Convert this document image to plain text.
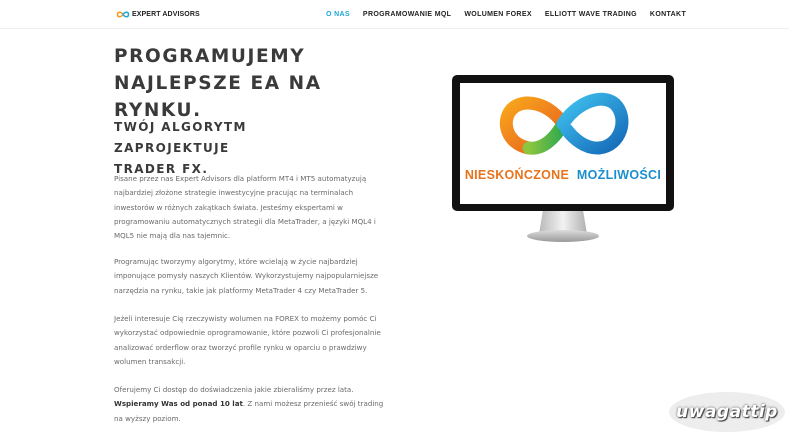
EXPERT ADVISORS	O NAS PROGRAMOWANIE MQL WOLUMEN FOREX ELLIOTT WAVE TRADING KONTAKT
PROGRAMUJEMY
NAJLEPSZE EA NA RYNKU.
TWÓJ ALGORYTM ZAPROJEKTUJE
TRADER FX.

Pisane przez nas Expert Advisors dla platform MT4 i MT5 automatyzują najbardziej złożone strategie inwestycyjne pracując na terminalach inwestorów w różnych zakątkach świata. Jesteśmy ekspertami w programowaniu automatycznych strategii dla MetaTrader, a języki MQL4 i MQL5 nie mają dla nas tajemnic.

Programując tworzymy algorytmy, które wcielają w życie najbardziej imponujące pomysły naszych Klientów. Wykorzystujemy najpopularniejsze narzędzia na rynku, takie jak platformy MetaTrader 4 czy MetaTrader 5.

Jeżeli interesuje Cię rzeczywisty wolumen na FOREX to możemy pomóc Ci wykorzystać odpowiednie oprogramowanie, które pozwoli Ci profesjonalnie analizować orderflow oraz tworzyć profile rynku w oparciu o prawdziwy wolumen transakcji.

Oferujemy Ci dostęp do doświadczenia jakie zbieraliśmy przez lata.
Wspieramy Was od ponad 10 lat. Z nami możesz przenieść swój trading na wyższy poziom.

NIESKOŃCZONE MOŻLIWOŚCI
uwagattip
